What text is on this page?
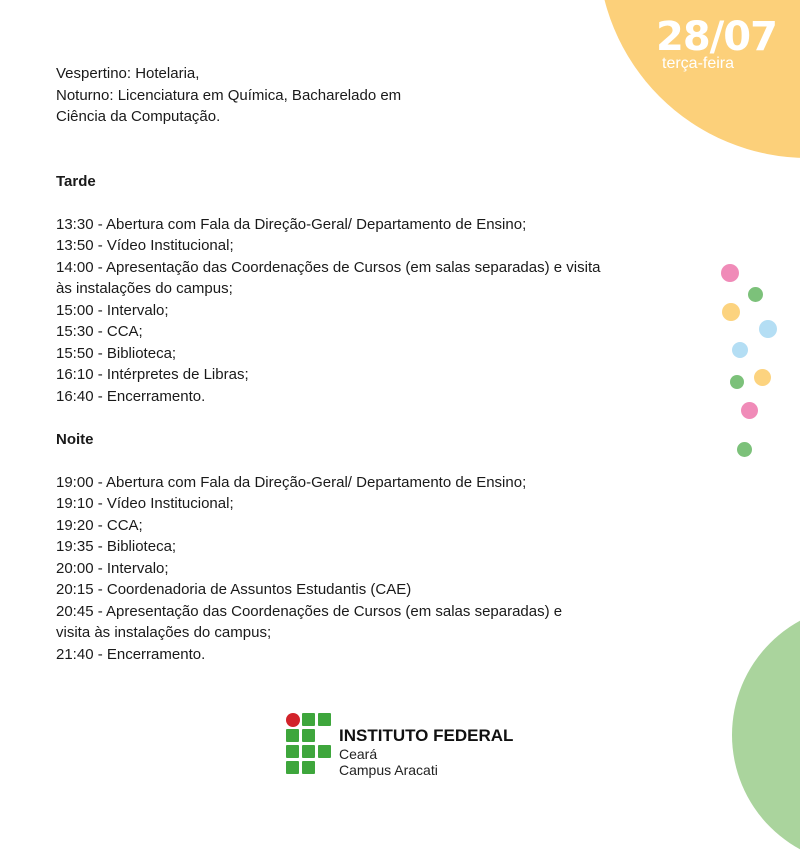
28/07
terça-feira
Vespertino: Hotelaria,
Noturno: Licenciatura em Química, Bacharelado em
Ciência da Computação.
Tarde
13:30 - Abertura com Fala da Direção-Geral/ Departamento de Ensino;
13:50 - Vídeo Institucional;
14:00 - Apresentação das Coordenações de Cursos (em salas separadas) e visita
às instalações do campus;
15:00 - Intervalo;
15:30 - CCA;
15:50 - Biblioteca;
16:10 - Intérpretes de Libras;
16:40 - Encerramento.
Noite
19:00 - Abertura com Fala da Direção-Geral/ Departamento de Ensino;
19:10 - Vídeo Institucional;
19:20 - CCA;
19:35 - Biblioteca;
20:00 - Intervalo;
20:15 - Coordenadoria de Assuntos Estudantis (CAE)
20:45 - Apresentação das Coordenações de Cursos (em salas separadas) e
visita às instalações do campus;
21:40 - Encerramento.
INSTITUTO FEDERAL
Ceará
Campus Aracati
